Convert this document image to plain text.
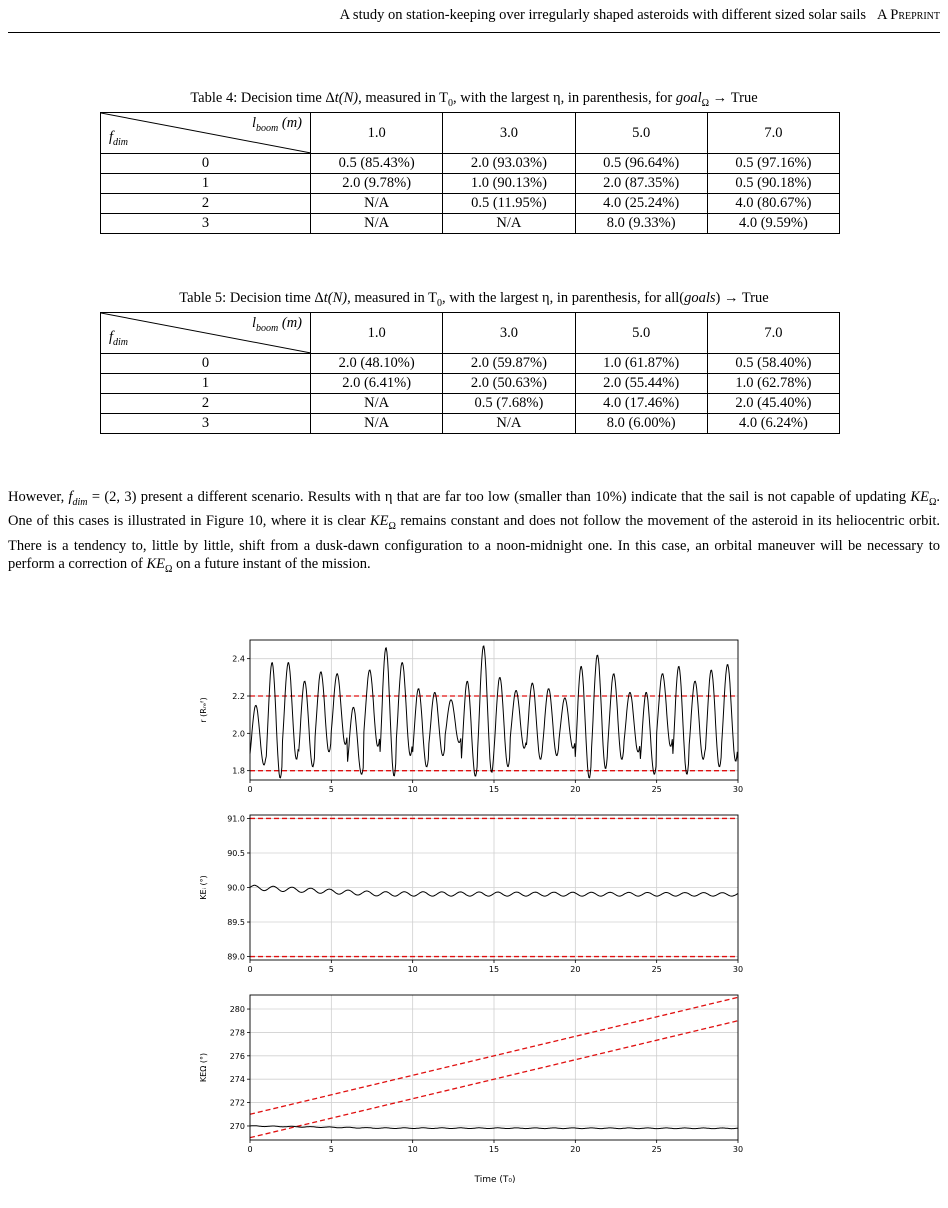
A study on station-keeping over irregularly shaped asteroids with different sized solar sails A Preprint
Table 4: Decision time Δt(N), measured in $T_0$, with the largest η, in parenthesis, for goal$_\Omega$ → True
$l_{boom}$ (m)
$f_{dim}$	1.0	3.0	5.0	7.0
0	0.5 (85.43%)	2.0 (93.03%)	0.5 (96.64%)	0.5 (97.16%)
1	2.0 (9.78%)	1.0 (90.13%)	2.0 (87.35%)	0.5 (90.18%)
2	N/A	0.5 (11.95%)	4.0 (25.24%)	4.0 (80.67%)
3	N/A	N/A	8.0 (9.33%)	4.0 (9.59%)
Table 5: Decision time Δt(N), measured in $T_0$, with the largest η, in parenthesis, for all(goals) → True
$l_{boom}$ (m)
$f_{dim}$	1.0	3.0	5.0	7.0
0	2.0 (48.10%)	2.0 (59.87%)	1.0 (61.87%)	0.5 (58.40%)
1	2.0 (6.41%)	2.0 (50.63%)	2.0 (55.44%)	1.0 (62.78%)
2	N/A	0.5 (7.68%)	4.0 (17.46%)	2.0 (45.40%)
3	N/A	N/A	8.0 (6.00%)	4.0 (6.24%)
However, $f_{dim} = (2$, 3) present a different scenario. Results with η that are far too low (smaller than 10%) indicate that the sail is not capable of updating $KE_\Omega$. One of this cases is illustrated in Figure 10, where it is clear $KE_\Omega$ remains constant and does not follow the movement of the asteroid in its heliocentric orbit. There is a tendency to, little by little, shift from a dusk-dawn configuration to a noon-midnight one. In this case, an orbital maneuver will be necessary to perform a correction of $KE_\Omega$ on a future instant of the mission.
0	5	10	15	20	25	30
1.8
2.0
2.2
2.4
r (Rᵣₑᶠ)
0	5	10	15	20	25	30
89.0
89.5
90.0
90.5
91.0
KEᵢ (°)
0	5	10	15	20	25	30
270
272
274
276
278
280
KEΩ (°)
Time (T₀)
